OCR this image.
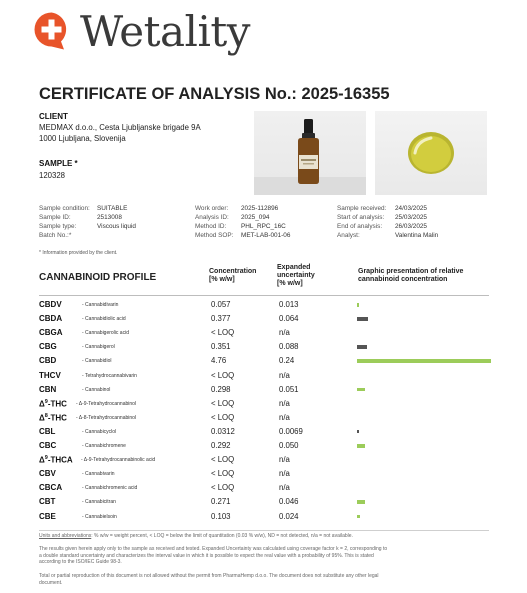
Wetality
CERTIFICATE OF ANALYSIS No.: 2025-16355
CLIENT
MEDMAX d.o.o., Cesta Ljubljanske brigade 9A
1000 Ljubljana, Slovenija
SAMPLE *
120328
Sample condition: SUITABLE
Sample ID:	2513008
Sample type:	Viscous liquid
Batch No.:*
Work order: 2025-112896
Analysis ID: 2025_094
Method ID: PHL_RPC_16C
Method SOP: MET-LAB-001-06
Sample received: 24/03/2025
Start of analysis: 25/03/2025
End of analysis: 26/03/2025
Analyst:	Valentina Malin
* Information provided by the client.
CANNABINOID PROFILE
Concentration
[% w/w]
Expanded
uncertainty
[% w/w]
Graphic presentation of relative
cannabinoid concentration
CBDV	- Cannabidivarin	0.057	0.013
CBDA	- Cannabidiolic acid	0.377	0.064
CBGA	- Cannabigerolic acid	< LOQ	n/a
CBG	- Cannabigerol	0.351	0.088
CBD	- Cannabidiol	4.76	0.24
THCV	- Tetrahydrocannabivarin	< LOQ	n/a
CBN	- Cannabinol	0.298	0.051
$\Delta^9$-THC - Δ-9-Tetrahydrocannabinol	< LOQ	n/a
$\Delta^8$-THC - Δ-8-Tetrahydrocannabinol	< LOQ	n/a
CBL	- Cannabicyclol	0.0312	0.0069
CBC	- Cannabichromene	0.292	0.050
$\Delta^9$-THCA - Δ-9-Tetrahydrocannabinolic acid	< LOQ	n/a
CBV	- Cannabivarin	< LOQ	n/a
CBCA	- Cannabichromenic acid	< LOQ	n/a
CBT	- Cannabicitran	0.271	0.046
CBE	- Cannabielsoin	0.103	0.024
Units and abbreviations: % w/w = weight percent, < LOQ = below the limit of quantitation (0.03 % w/w), ND = not detected, n/a = not available.
The results given herein apply only to the sample as received and tested. Expanded Uncertainty was calculated using coverage factor k = 2, corresponding to
a double standard uncertainty and characterizes the interval value in which it is possible to expect the real value with a probability of 95%. This is stated
according to the ISO/IEC Guide 98-3.
Total or partial reproduction of this document is not allowed without the permit from PharmaHemp d.o.o. The document does not substitute any other legal
document.
